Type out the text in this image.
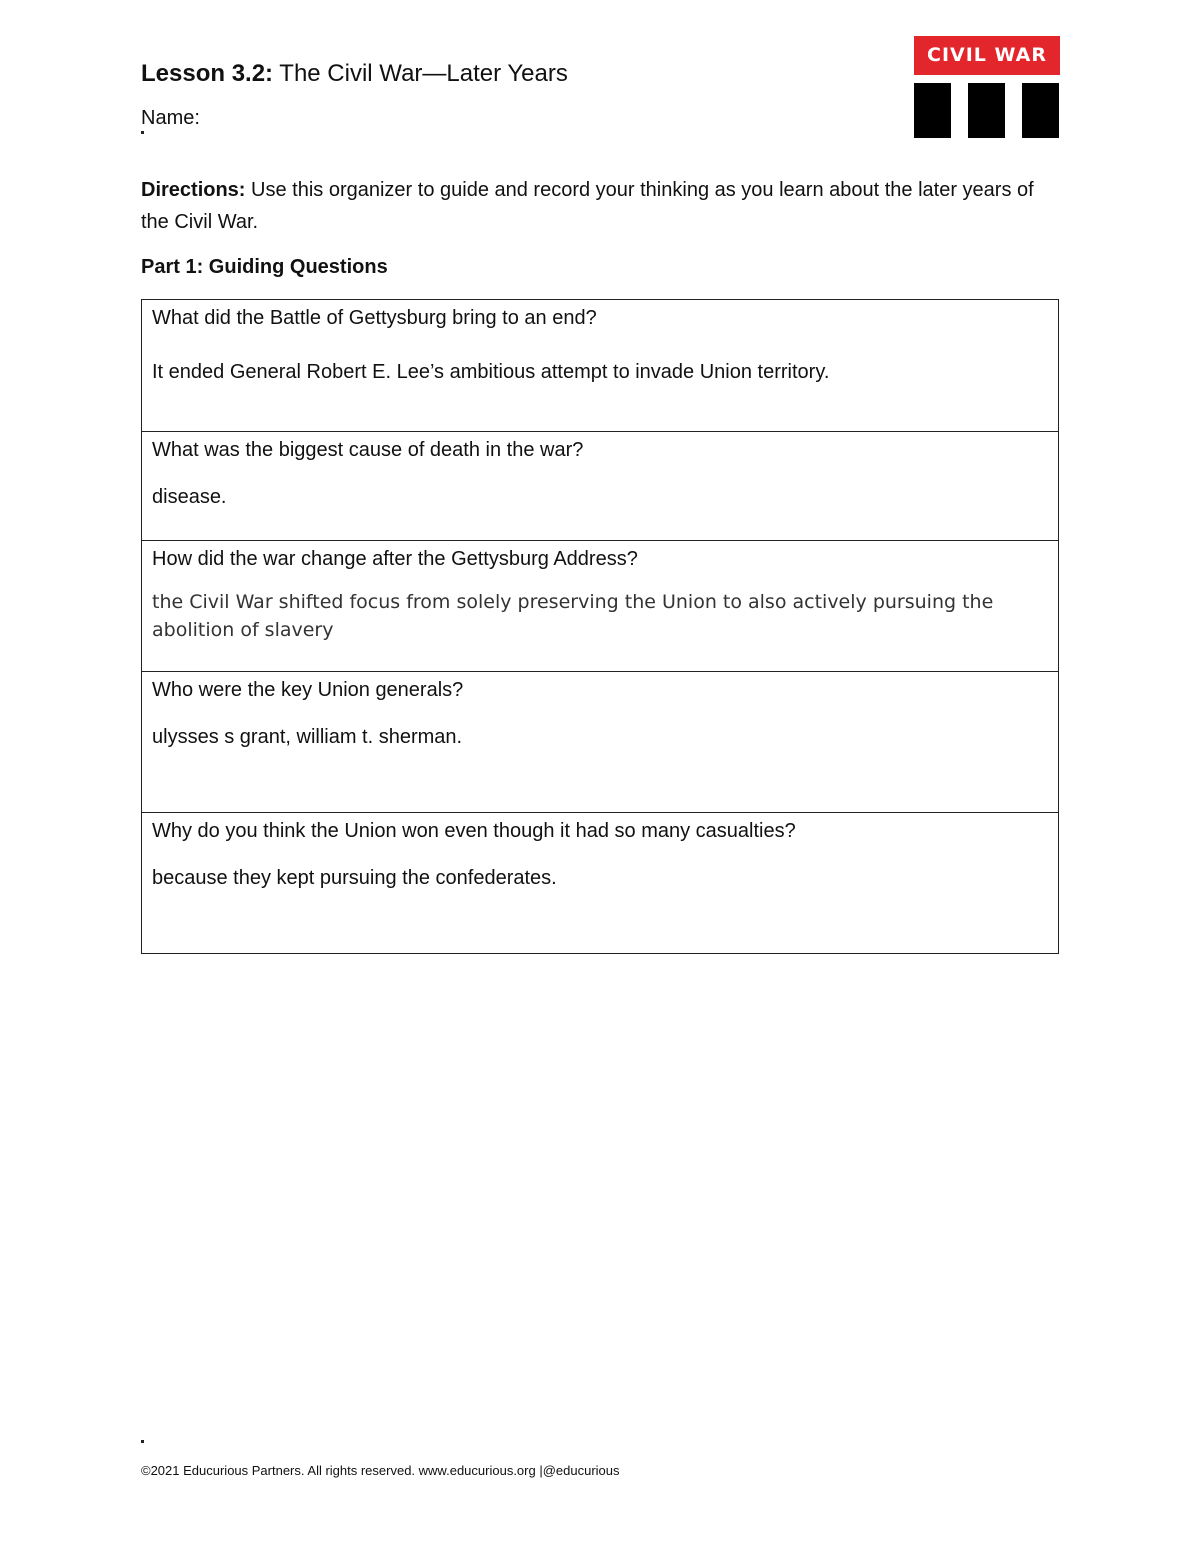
Lesson 3.2: The Civil War—Later Years
Name:
CIVIL WAR
Directions: Use this organizer to guide and record your thinking as you learn about the later years of the Civil War.
Part 1: Guiding Questions
What did the Battle of Gettysburg bring to an end?
It ended General Robert E. Lee’s ambitious attempt to invade Union territory.
What was the biggest cause of death in the war?
disease.
How did the war change after the Gettysburg Address?
the Civil War shifted focus from solely preserving the Union to also actively pursuing the abolition of slavery
Who were the key Union generals?
ulysses s grant, william t. sherman.
Why do you think the Union won even though it had so many casualties?
because they kept pursuing the confederates.
©2021 Educurious Partners. All rights reserved. www.educurious.org |@educurious
